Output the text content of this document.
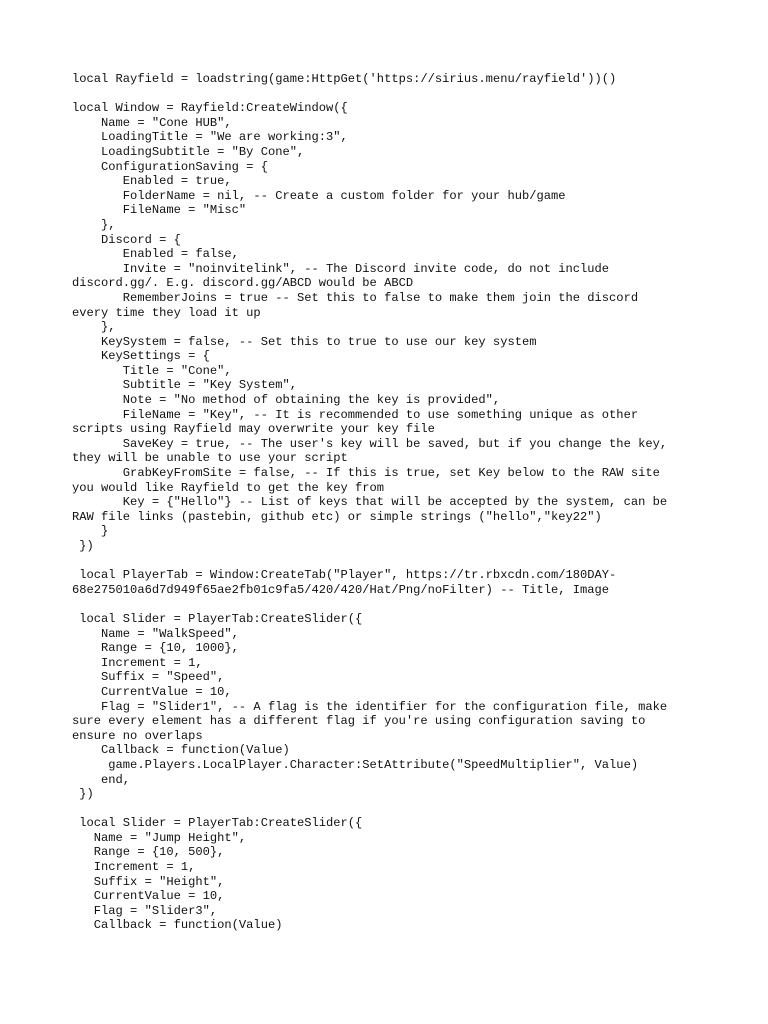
local Rayfield = loadstring(game:HttpGet('https://sirius.menu/rayfield'))()
local Window = Rayfield:CreateWindow({
Name = "Cone HUB",
LoadingTitle = "We are working:3",
LoadingSubtitle = "By Cone",
ConfigurationSaving = {
Enabled = true,
FolderName = nil, -- Create a custom folder for your hub/game
FileName = "Misc"
},
Discord = {
Enabled = false,
Invite = "noinvitelink", -- The Discord invite code, do not include
discord.gg/. E.g. discord.gg/ABCD would be ABCD
RememberJoins = true -- Set this to false to make them join the discord
every time they load it up
},
KeySystem = false, -- Set this to true to use our key system
KeySettings = {
Title = "Cone",
Subtitle = "Key System",
Note = "No method of obtaining the key is provided",
FileName = "Key", -- It is recommended to use something unique as other
scripts using Rayfield may overwrite your key file
SaveKey = true, -- The user's key will be saved, but if you change the key,
they will be unable to use your script
GrabKeyFromSite = false, -- If this is true, set Key below to the RAW site
you would like Rayfield to get the key from
Key = {"Hello"} -- List of keys that will be accepted by the system, can be
RAW file links (pastebin, github etc) or simple strings ("hello","key22")
}
})
local PlayerTab = Window:CreateTab("Player", https://tr.rbxcdn.com/180DAY-
68e275010a6d7d949f65ae2fb01c9fa5/420/420/Hat/Png/noFilter) -- Title, Image
local Slider = PlayerTab:CreateSlider({
Name = "WalkSpeed",
Range = {10, 1000},
Increment = 1,
Suffix = "Speed",
CurrentValue = 10,
Flag = "Slider1", -- A flag is the identifier for the configuration file, make
sure every element has a different flag if you're using configuration saving to
ensure no overlaps
Callback = function(Value)
game.Players.LocalPlayer.Character:SetAttribute("SpeedMultiplier", Value)
end,
})
local Slider = PlayerTab:CreateSlider({
Name = "Jump Height",
Range = {10, 500},
Increment = 1,
Suffix = "Height",
CurrentValue = 10,
Flag = "Slider3",
Callback = function(Value)
